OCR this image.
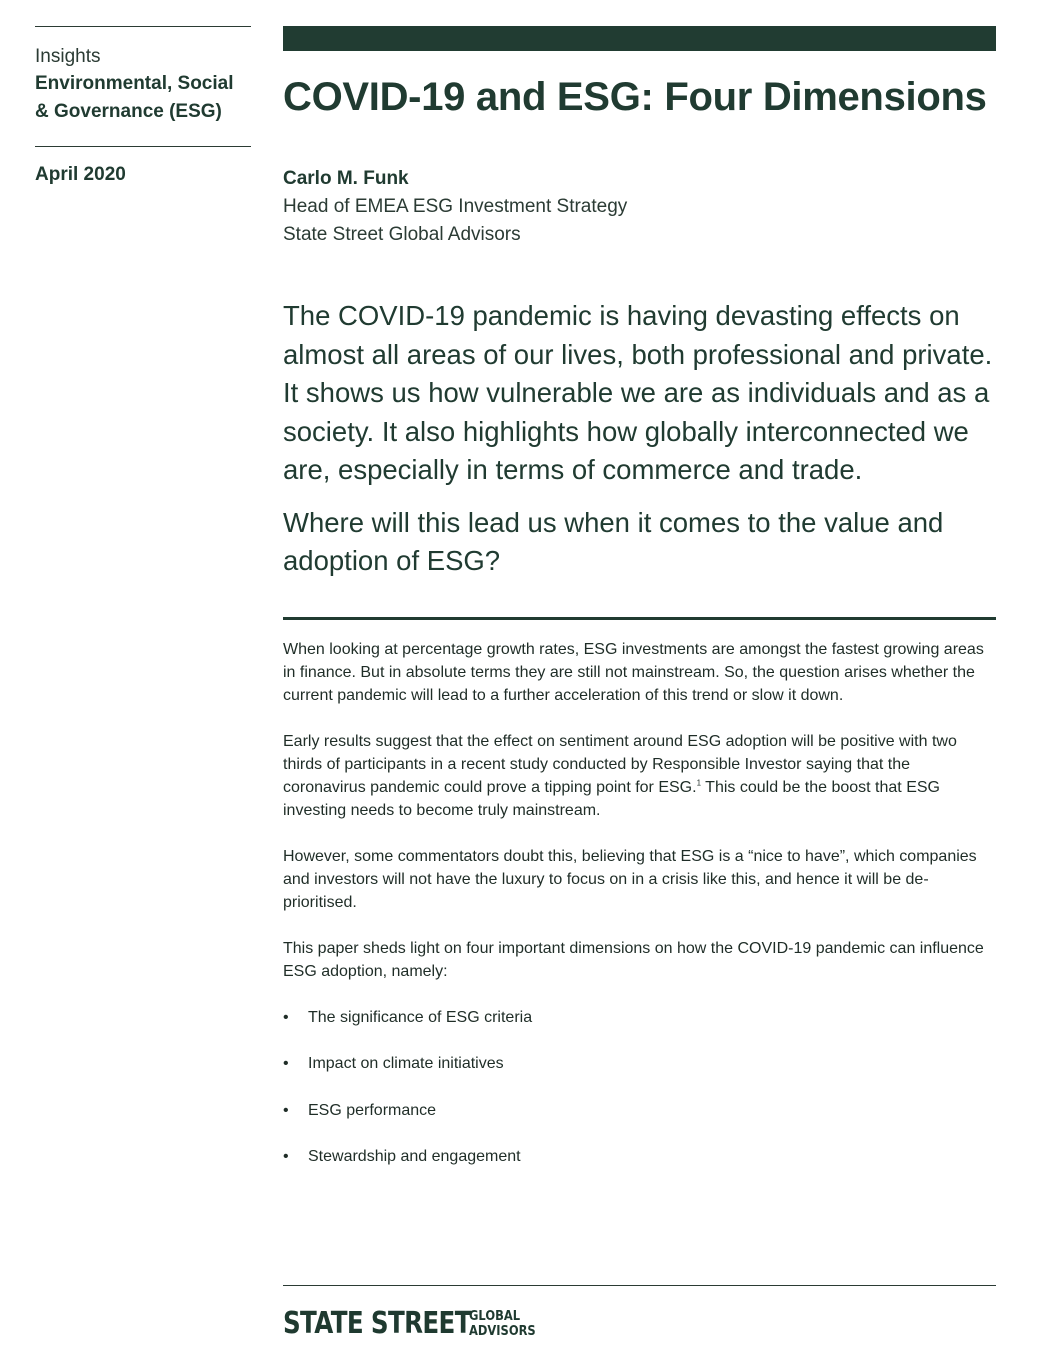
Insights
Environmental, Social
& Governance (ESG)
April 2020
COVID-19 and ESG: Four Dimensions
Carlo M. Funk
Head of EMEA ESG Investment Strategy
State Street Global Advisors

The COVID-19 pandemic is having devasting effects on almost all areas of our lives, both professional and private. It shows us how vulnerable we are as individuals and as a society. It also highlights how globally interconnected we are, especially in terms of commerce and trade.

Where will this lead us when it comes to the value and adoption of ESG?

When looking at percentage growth rates, ESG investments are amongst the fastest growing areas in finance. But in absolute terms they are still not mainstream. So, the question arises whether the current pandemic will lead to a further acceleration of this trend or slow it down.

Early results suggest that the effect on sentiment around ESG adoption will be positive with two thirds of participants in a recent study conducted by Responsible Investor saying that the coronavirus pandemic could prove a tipping point for ESG.$^1$ This could be the boost that ESG investing needs to become truly mainstream.

However, some commentators doubt this, believing that ESG is a “nice to have”, which companies and investors will not have the luxury to focus on in a crisis like this, and hence it will be de-prioritised.

This paper sheds light on four important dimensions on how the COVID-19 pandemic can influence ESG adoption, namely:

• The significance of ESG criteria
• Impact on climate initiatives
• ESG performance
• Stewardship and engagement
STATE STREET
GLOBAL
ADVISORS
